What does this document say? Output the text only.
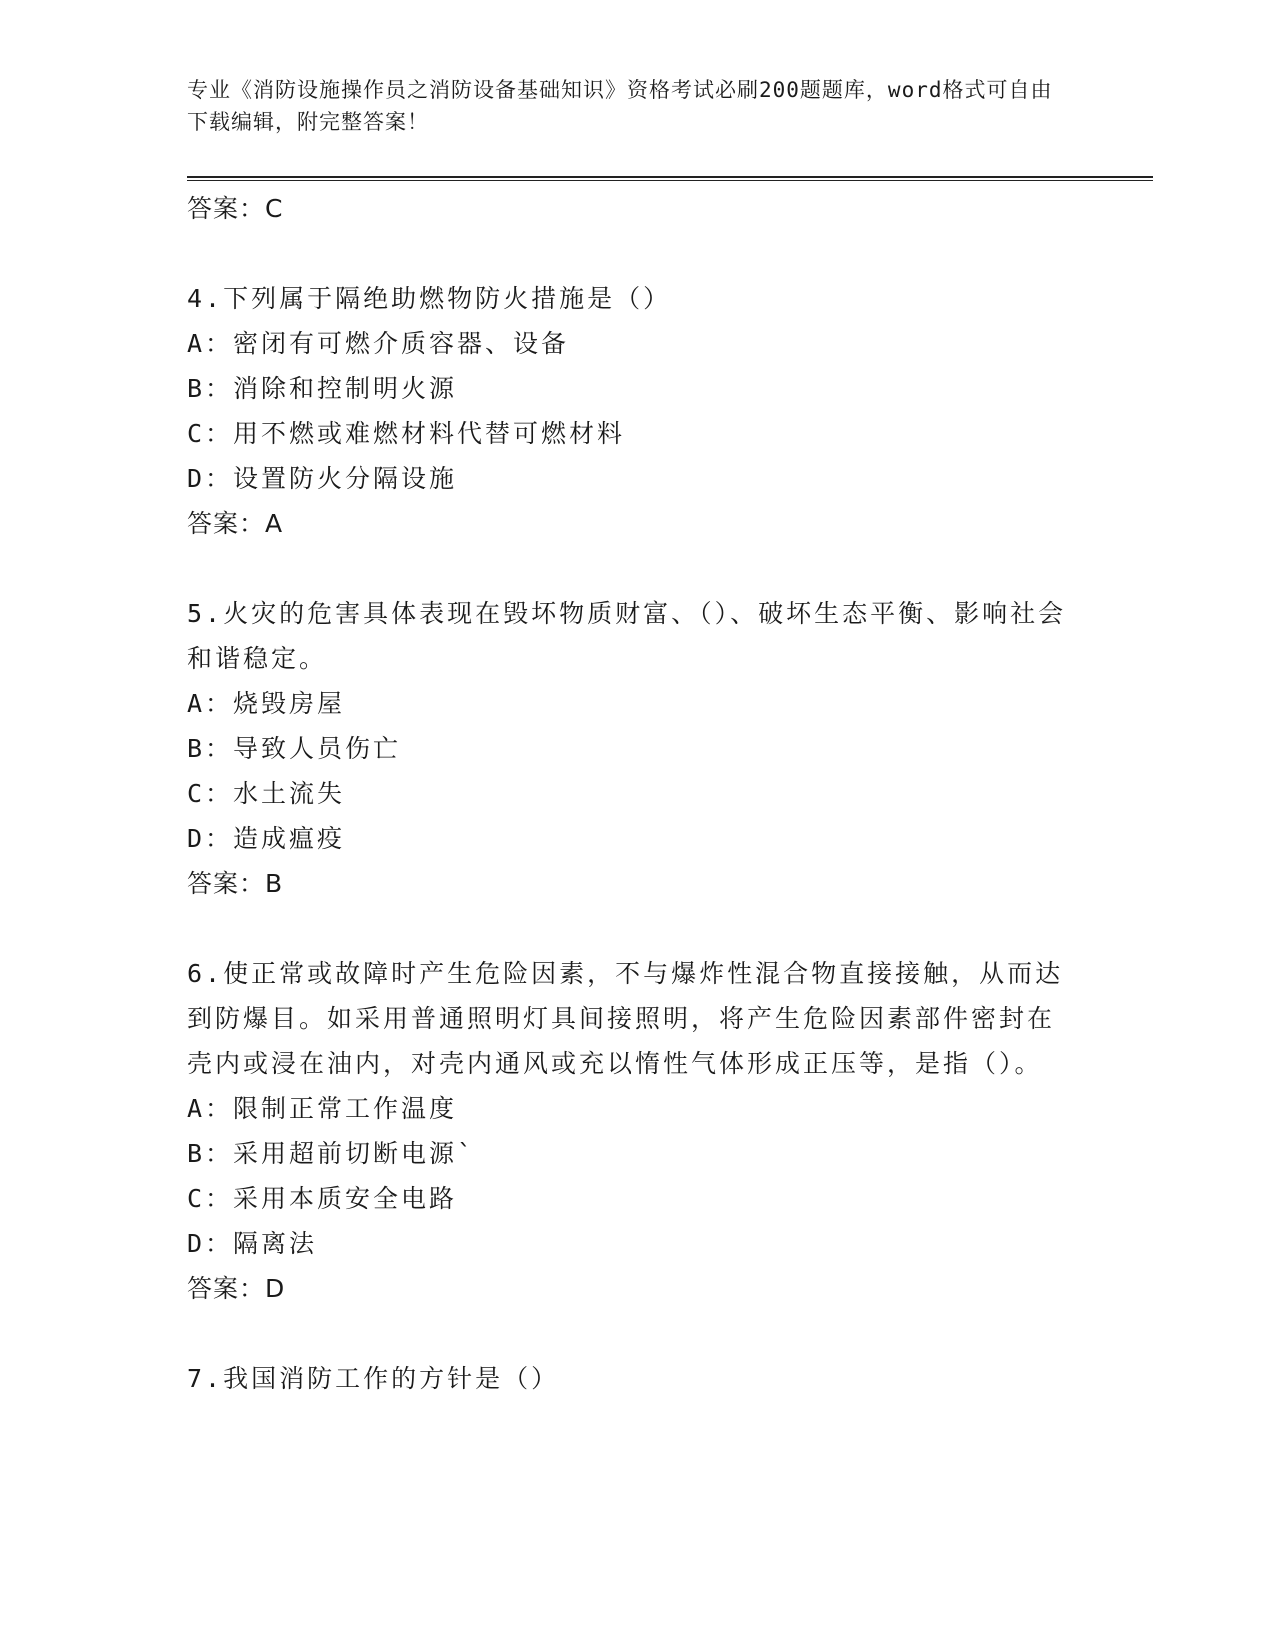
专业《消防设施操作员之消防设备基础知识》资格考试必刷200题题库，word格式可自由下载编辑，附完整答案！
答案：C
4.下列属于隔绝助燃物防火措施是（）
A：密闭有可燃介质容器、设备
B：消除和控制明火源
C：用不燃或难燃材料代替可燃材料
D：设置防火分隔设施
答案：A
5.火灾的危害具体表现在毁坏物质财富、（）、破坏生态平衡、影响社会和谐稳定。
A：烧毁房屋
B：导致人员伤亡
C：水土流失
D：造成瘟疫
答案：B
6.使正常或故障时产生危险因素，不与爆炸性混合物直接接触，从而达到防爆目。如采用普通照明灯具间接照明，将产生危险因素部件密封在壳内或浸在油内，对壳内通风或充以惰性气体形成正压等，是指（）。
A：限制正常工作温度
B：采用超前切断电源`
C：采用本质安全电路
D：隔离法
答案：D
7.我国消防工作的方针是（）
